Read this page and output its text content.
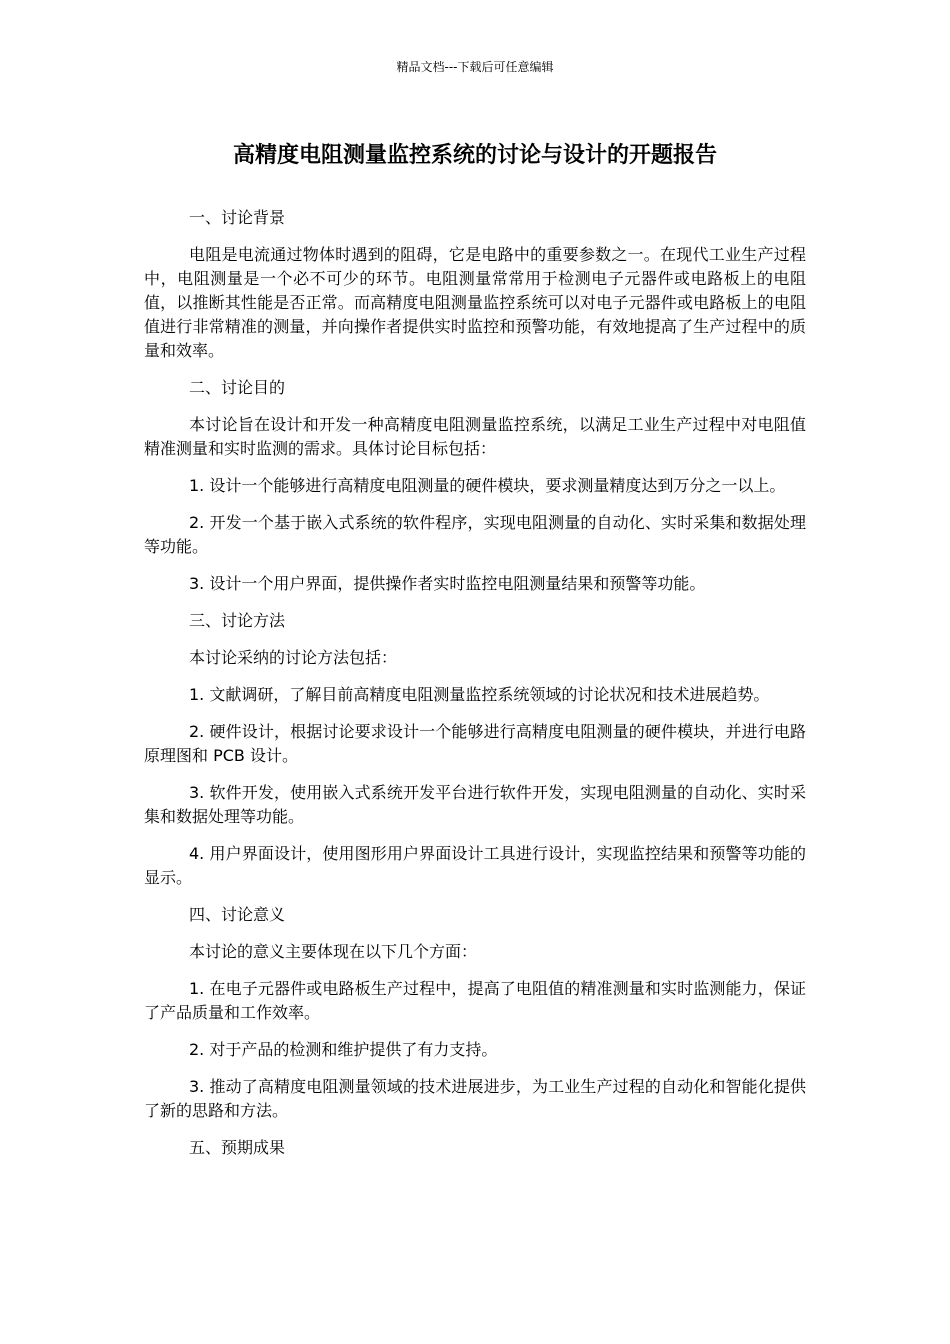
精品文档---下载后可任意编辑
高精度电阻测量监控系统的讨论与设计的开题报告
一、讨论背景
电阻是电流通过物体时遇到的阻碍，它是电路中的重要参数之一。在现代工业生产过程中，电阻测量是一个必不可少的环节。电阻测量常常用于检测电子元器件或电路板上的电阻值，以推断其性能是否正常。而高精度电阻测量监控系统可以对电子元器件或电路板上的电阻值进行非常精准的测量，并向操作者提供实时监控和预警功能，有效地提高了生产过程中的质量和效率。
二、讨论目的
本讨论旨在设计和开发一种高精度电阻测量监控系统，以满足工业生产过程中对电阻值精准测量和实时监测的需求。具体讨论目标包括：
1. 设计一个能够进行高精度电阻测量的硬件模块，要求测量精度达到万分之一以上。
2. 开发一个基于嵌入式系统的软件程序，实现电阻测量的自动化、实时采集和数据处理等功能。
3. 设计一个用户界面，提供操作者实时监控电阻测量结果和预警等功能。
三、讨论方法
本讨论采纳的讨论方法包括：
1. 文献调研，了解目前高精度电阻测量监控系统领域的讨论状况和技术进展趋势。
2. 硬件设计，根据讨论要求设计一个能够进行高精度电阻测量的硬件模块，并进行电路原理图和 PCB 设计。
3. 软件开发，使用嵌入式系统开发平台进行软件开发，实现电阻测量的自动化、实时采集和数据处理等功能。
4. 用户界面设计，使用图形用户界面设计工具进行设计，实现监控结果和预警等功能的显示。
四、讨论意义
本讨论的意义主要体现在以下几个方面：
1. 在电子元器件或电路板生产过程中，提高了电阻值的精准测量和实时监测能力，保证了产品质量和工作效率。
2. 对于产品的检测和维护提供了有力支持。
3. 推动了高精度电阻测量领域的技术进展进步，为工业生产过程的自动化和智能化提供了新的思路和方法。
五、预期成果
